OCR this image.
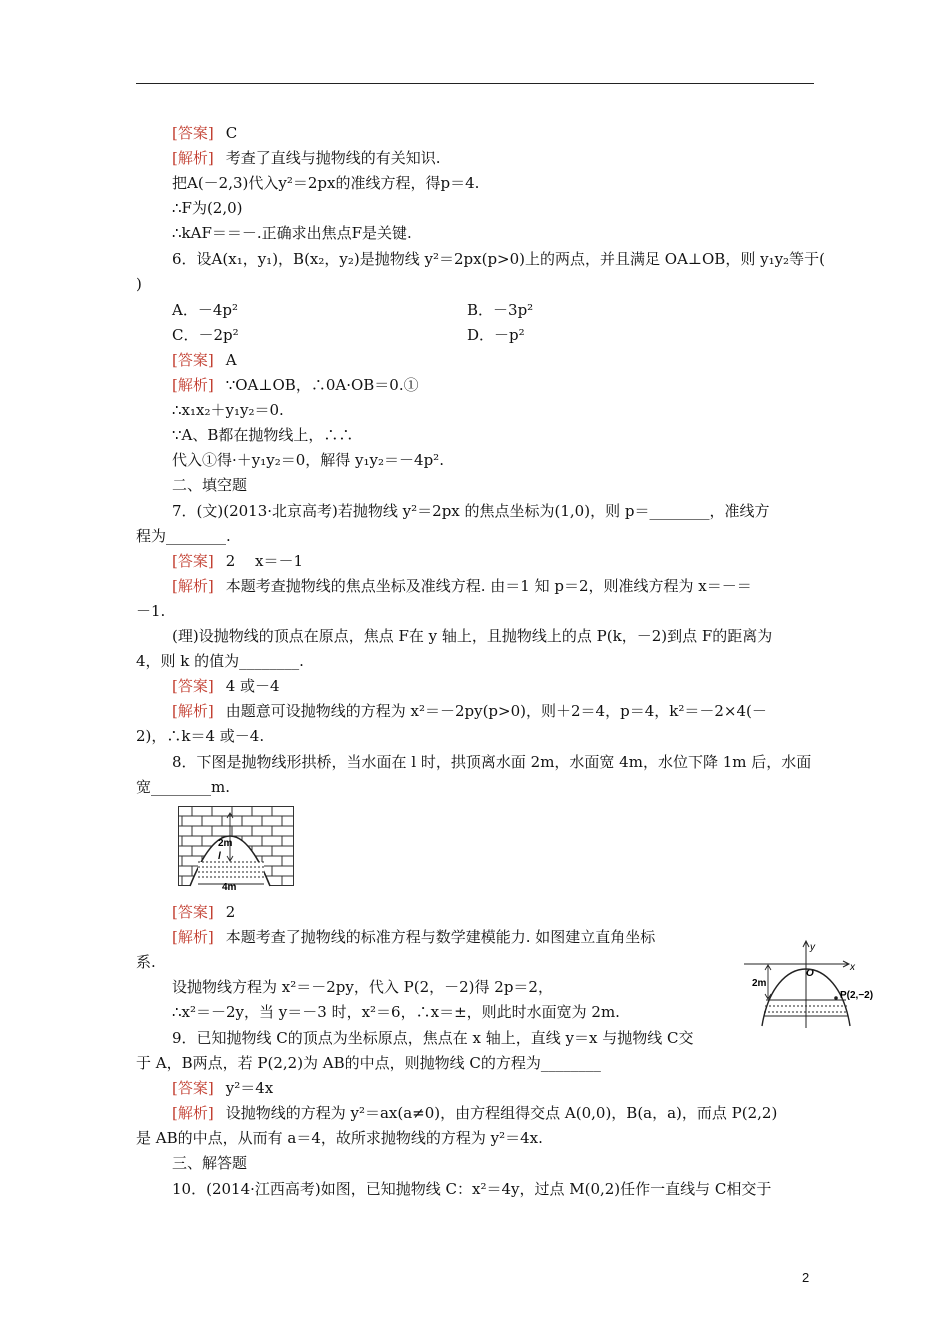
[答案] C
[解析] 考查了直线与抛物线的有关知识.
把A(－2,3)代入y²＝2px的准线方程，得p＝4.
∴F为(2,0)
∴kAF＝＝－.正确求出焦点F是关键.
6．设A(x₁，y₁)，B(x₂，y₂)是抛物线 y²＝2px(p>0)上的两点，并且满足 OA⊥OB，则 y₁y₂等于(
)
A．－4p²	B．－3p²
C．－2p²	D．－p²
[答案] A
[解析] ∵OA⊥OB，∴0A·OB＝0.①
∴x₁x₂＋y₁y₂＝0.
∵A、B都在抛物线上，∴∴
代入①得·＋y₁y₂＝0，解得 y₁y₂＝－4p².
二、填空题
7．(文)(2013·北京高考)若抛物线 y²＝2px 的焦点坐标为(1,0)，则 p＝________，准线方
程为________.
[答案] 2　 x＝－1
[解析] 本题考查抛物线的焦点坐标及准线方程. 由＝1 知 p＝2，则准线方程为 x＝－＝
－1.
(理)设抛物线的顶点在原点，焦点 F在 y 轴上，且抛物线上的点 P(k，－2)到点 F的距离为
4，则 k 的值为________.
[答案] 4 或－4
[解析] 由题意可设抛物线的方程为 x²＝－2py(p>0)，则＋2＝4，p＝4，k²＝－2×4(－
2)，∴k＝4 或－4.
8．下图是抛物线形拱桥，当水面在 l 时，拱顶离水面 2m，水面宽 4m，水位下降 1m 后，水面
宽________m.
2m
l
4m
[答案] 2
[解析] 本题考查了抛物线的标准方程与数学建模能力. 如图建立直角坐标
系.
设抛物线方程为 x²＝－2py，代入 P(2，－2)得 2p＝2，
∴x²＝－2y，当 y＝－3 时，x²＝6，∴x＝±，则此时水面宽为 2m.
x
y
O
2m
P(2,−2)
9．已知抛物线 C的顶点为坐标原点，焦点在 x 轴上，直线 y＝x 与抛物线 C交
于 A，B两点，若 P(2,2)为 AB的中点，则抛物线 C的方程为________
[答案] y²＝4x
[解析] 设抛物线的方程为 y²＝ax(a≠0)，由方程组得交点 A(0,0)，B(a，a)，而点 P(2,2)
是 AB的中点，从而有 a＝4，故所求抛物线的方程为 y²＝4x.
三、解答题
10．(2014·江西高考)如图，已知抛物线 C：x²＝4y，过点 M(0,2)任作一直线与 C相交于
2
